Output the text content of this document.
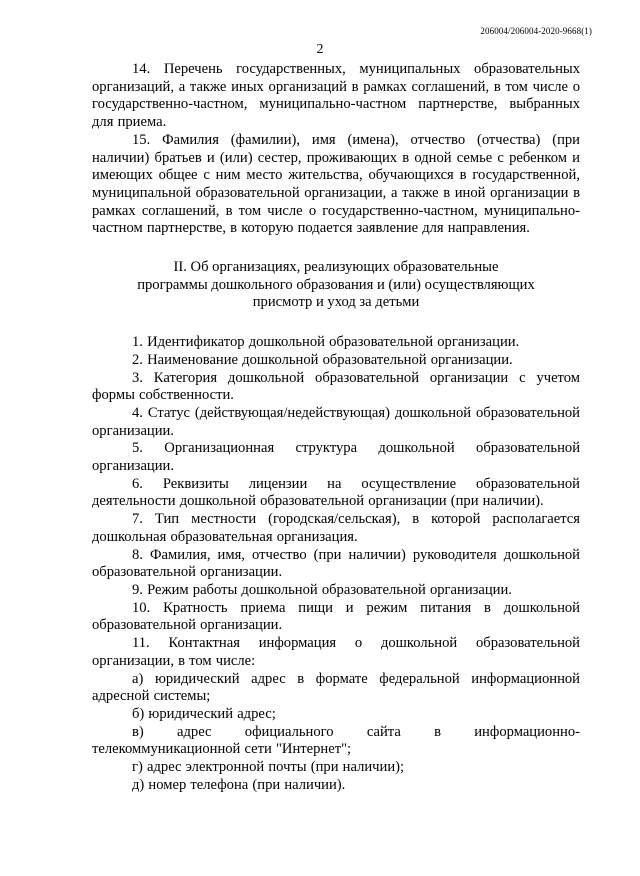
206004/206004-2020-9668(1)
2

14. Перечень государственных, муниципальных образовательных организаций, а также иных организаций в рамках соглашений, в том числе о государственно-частном, муниципально-частном партнерстве, выбранных для приема.

15. Фамилия (фамилии), имя (имена), отчество (отчества) (при наличии) братьев и (или) сестер, проживающих в одной семье с ребенком и имеющих общее с ним место жительства, обучающихся в государственной, муниципальной образовательной организации, а также в иной организации в рамках соглашений, в том числе о государственно-частном, муниципально-частном партнерстве, в которую подается заявление для направления.

II. Об организациях, реализующих образовательные
программы дошкольного образования и (или) осуществляющих
присмотр и уход за детьми

1. Идентификатор дошкольной образовательной организации.

2. Наименование дошкольной образовательной организации.

3. Категория дошкольной образовательной организации с учетом формы собственности.

4. Статус (действующая/недействующая) дошкольной образовательной организации.

5. Организационная структура дошкольной образовательной организации.

6. Реквизиты лицензии на осуществление образовательной деятельности дошкольной образовательной организации (при наличии).

7. Тип местности (городская/сельская), в которой располагается дошкольная образовательная организация.

8. Фамилия, имя, отчество (при наличии) руководителя дошкольной образовательной организации.

9. Режим работы дошкольной образовательной организации.

10. Кратность приема пищи и режим питания в дошкольной образовательной организации.

11. Контактная информация о дошкольной образовательной организации, в том числе:

а) юридический адрес в формате федеральной информационной адресной системы;

б) юридический адрес;

в) адрес официального сайта в информационно-телекоммуникационной сети "Интернет";

г) адрес электронной почты (при наличии);

д) номер телефона (при наличии).
